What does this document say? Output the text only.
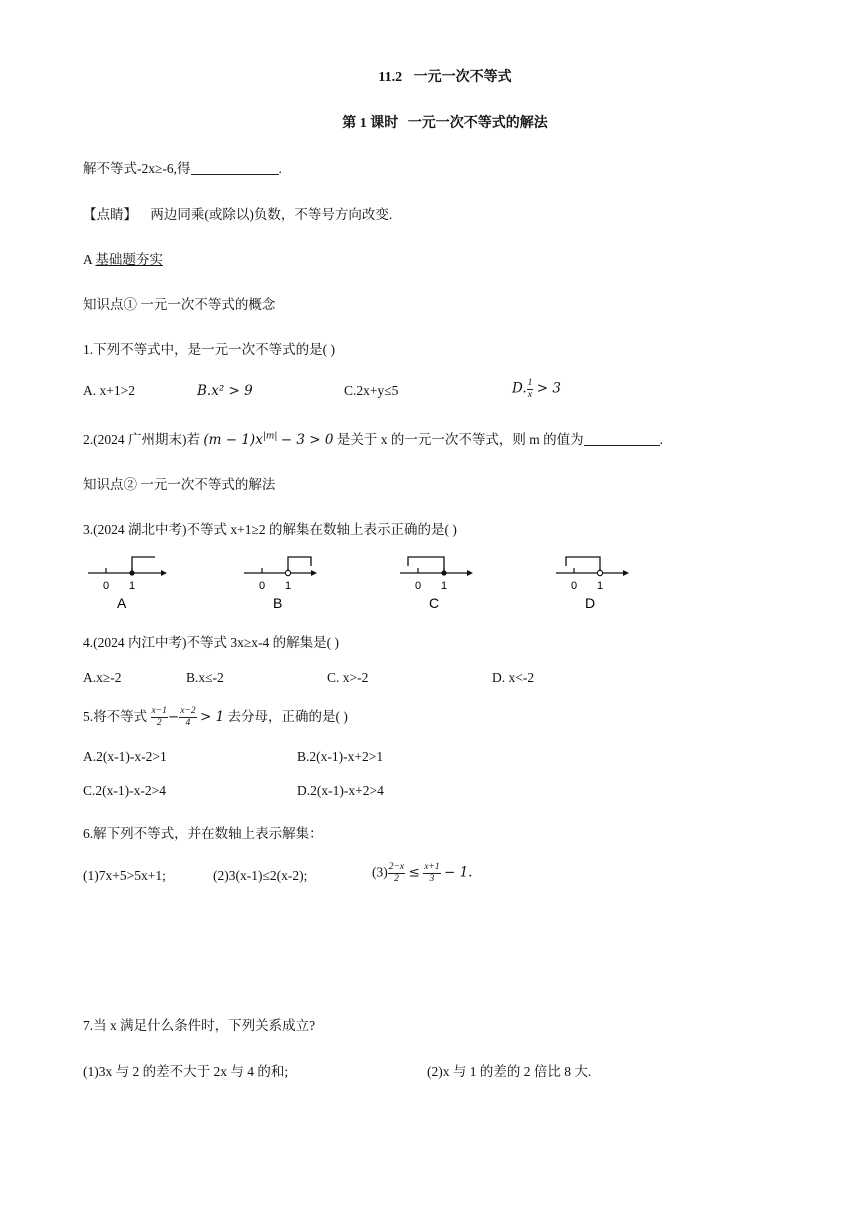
11.2 一元一次不等式
第 1 课时 一元一次不等式的解法
解不等式-2x≥-6,得	.
【点睛】 两边同乘(或除以)负数，不等号方向改变.
A 基础题夯实
知识点① 一元一次不等式的概念
1.下列不等式中，是一元一次不等式的是( )
A. x+1>2	B.x² > 9	C.2x+y≤5	D. $\frac{1}{x} > 3$
2.(2024 广州期末)若 $(m - 1)x^{|m|} - 3 > 0$ 是关于 x 的一元一次不等式，则 m 的值为	.
知识点② 一元一次不等式的解法
3.(2024 湖北中考)不等式 x+1≥2 的解集在数轴上表示正确的是( )
0 1
A
0 1
B
0 1
C
0 1
D
4.(2024 内江中考)不等式 3x≥x-4 的解集是( )
A.x≥-2	B.x≤-2	C. x>-2	D. x<-2
5.将不等式 $\frac{x-1}{2} - \frac{x-2}{4} > 1$ 去分母，正确的是( )
A.2(x-1)-x-2>1	B.2(x-1)-x+2>1
C.2(x-1)-x-2>4	D.2(x-1)-x+2>4
6.解下列不等式，并在数轴上表示解集：
(1)7x+5>5x+1;	(2)3(x-1)≤2(x-2);	$(3) \frac{2-x}{2} \le \frac{x+1}{3} - 1$.
7.当 x 满足什么条件时，下列关系成立?
(1)3x 与 2 的差不大于 2x 与 4 的和;	(2)x 与 1 的差的 2 倍比 8 大.
